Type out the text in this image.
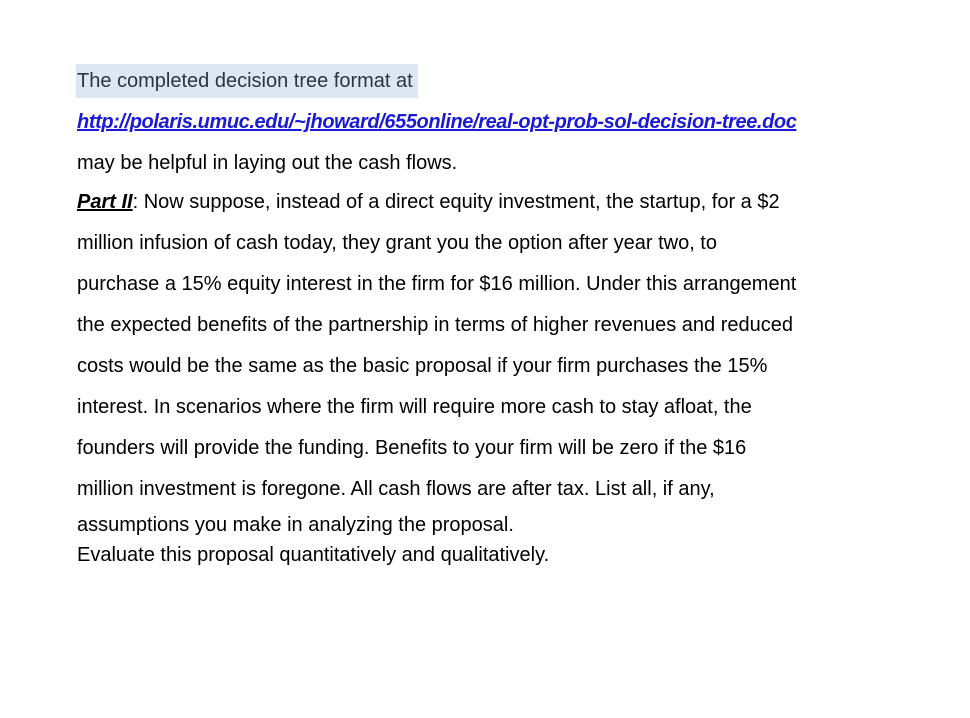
The completed decision tree format at
http://polaris.umuc.edu/~jhoward/655online/real-opt-prob-sol-decision-tree.doc
may be helpful in laying out the cash flows.
Part II: Now suppose, instead of a direct equity investment, the startup, for a $2
million infusion of cash today, they grant you the option after year two, to
purchase a 15% equity interest in the firm for $16 million. Under this arrangement
the expected benefits of the partnership in terms of higher revenues and reduced
costs would be the same as the basic proposal if your firm purchases the 15%
interest. In scenarios where the firm will require more cash to stay afloat, the
founders will provide the funding. Benefits to your firm will be zero if the $16
million investment is foregone. All cash flows are after tax. List all, if any,
assumptions you make in analyzing the proposal.
Evaluate this proposal quantitatively and qualitatively.
